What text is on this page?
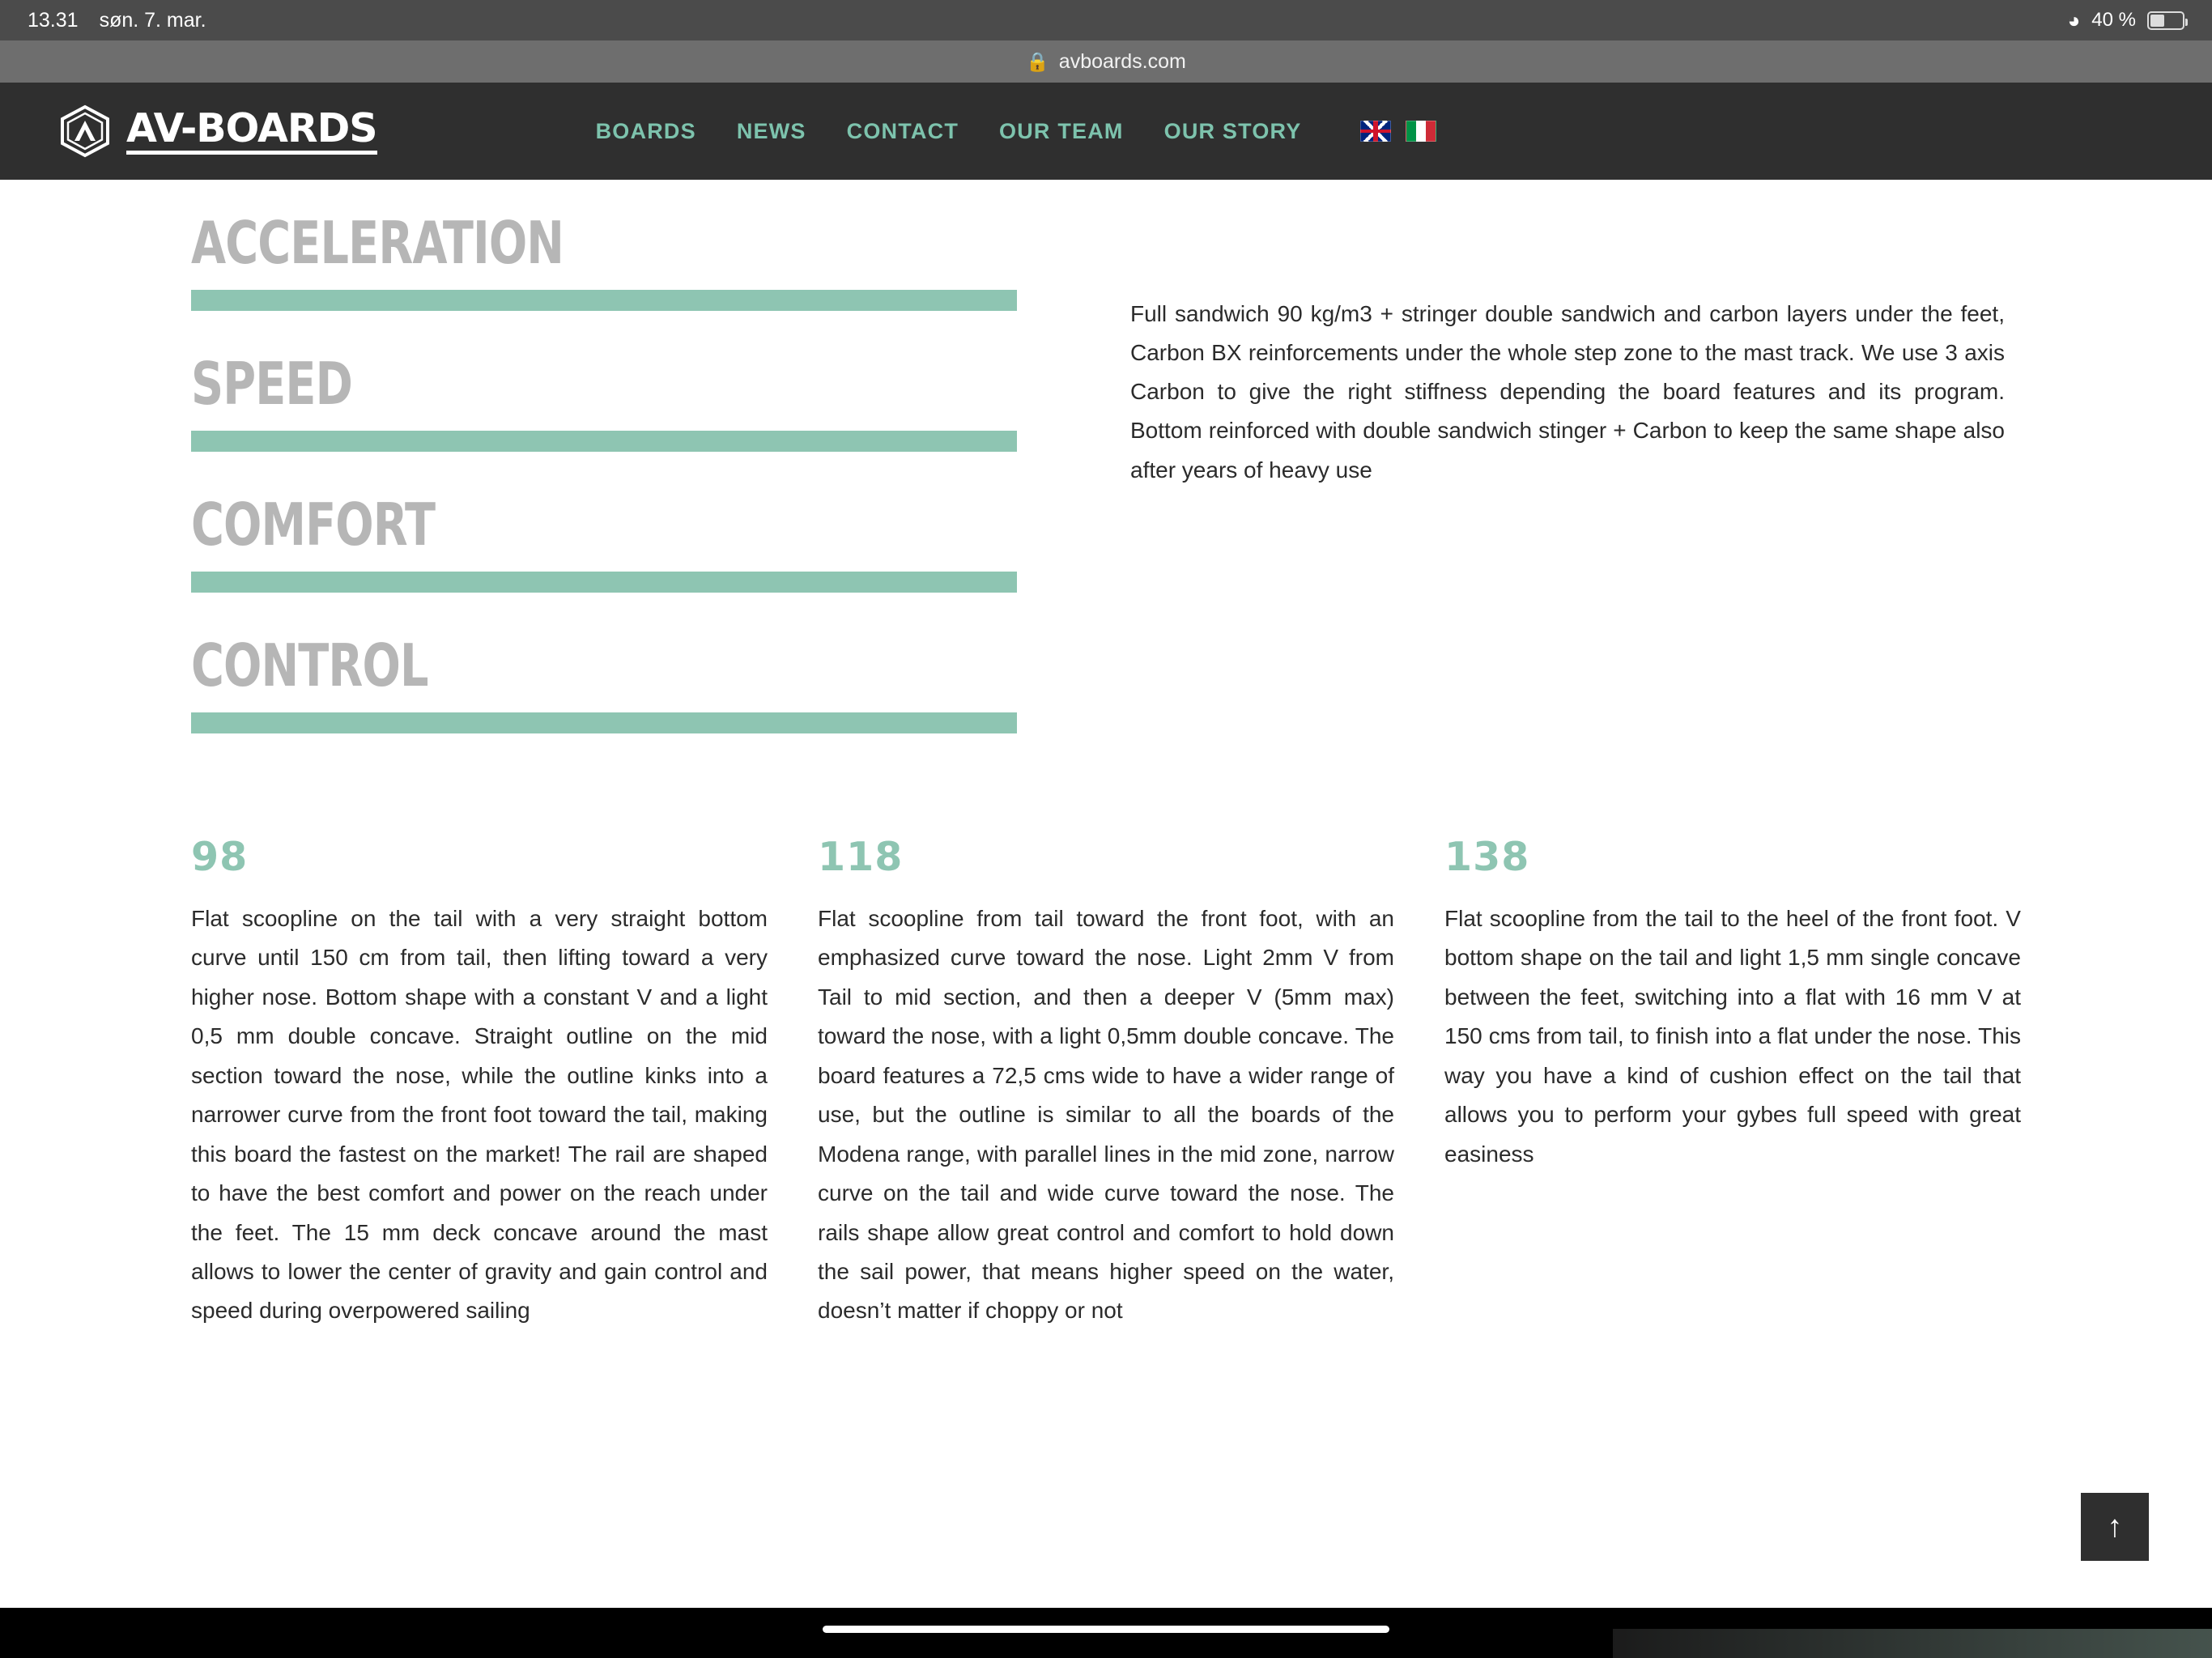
13.31 søn. 7. mar.	◕ 40 %
🔒 avboards.com
AV-BOARDS	BOARDS	NEWS	CONTACT	OUR TEAM	OUR STORY
ACCELERATION
SPEED
COMFORT
CONTROL

Full sandwich 90 kg/m3 + stringer double sandwich and carbon layers under the feet, Carbon BX reinforcements under the whole step zone to the mast track. We use 3 axis Carbon to give the right stiffness depending the board features and its program. Bottom reinforced with double sandwich stinger + Carbon to keep the same shape also after years of heavy use

98

Flat scoopline on the tail with a very straight bottom curve until 150 cm from tail, then lifting toward a very higher nose. Bottom shape with a constant V and a light 0,5 mm double concave. Straight outline on the mid section toward the nose, while the outline kinks into a narrower curve from the front foot toward the tail, making this board the fastest on the market! The rail are shaped to have the best comfort and power on the reach under the feet. The 15 mm deck concave around the mast allows to lower the center of gravity and gain control and speed during overpowered sailing

118

Flat scoopline from tail toward the front foot, with an emphasized curve toward the nose. Light 2mm V from Tail to mid section, and then a deeper V (5mm max) toward the nose, with a light 0,5mm double concave. The board features a 72,5 cms wide to have a wider range of use, but the outline is similar to all the boards of the Modena range, with parallel lines in the mid zone, narrow curve on the tail and wide curve toward the nose. The rails shape allow great control and comfort to hold down the sail power, that means higher speed on the water, doesn’t matter if choppy or not

138

Flat scoopline from the tail to the heel of the front foot. V bottom shape on the tail and light 1,5 mm single concave between the feet, switching into a flat with 16 mm V at 150 cms from tail, to finish into a flat under the nose. This way you have a kind of cushion effect on the tail that allows you to perform your gybes full speed with great easiness

↑
